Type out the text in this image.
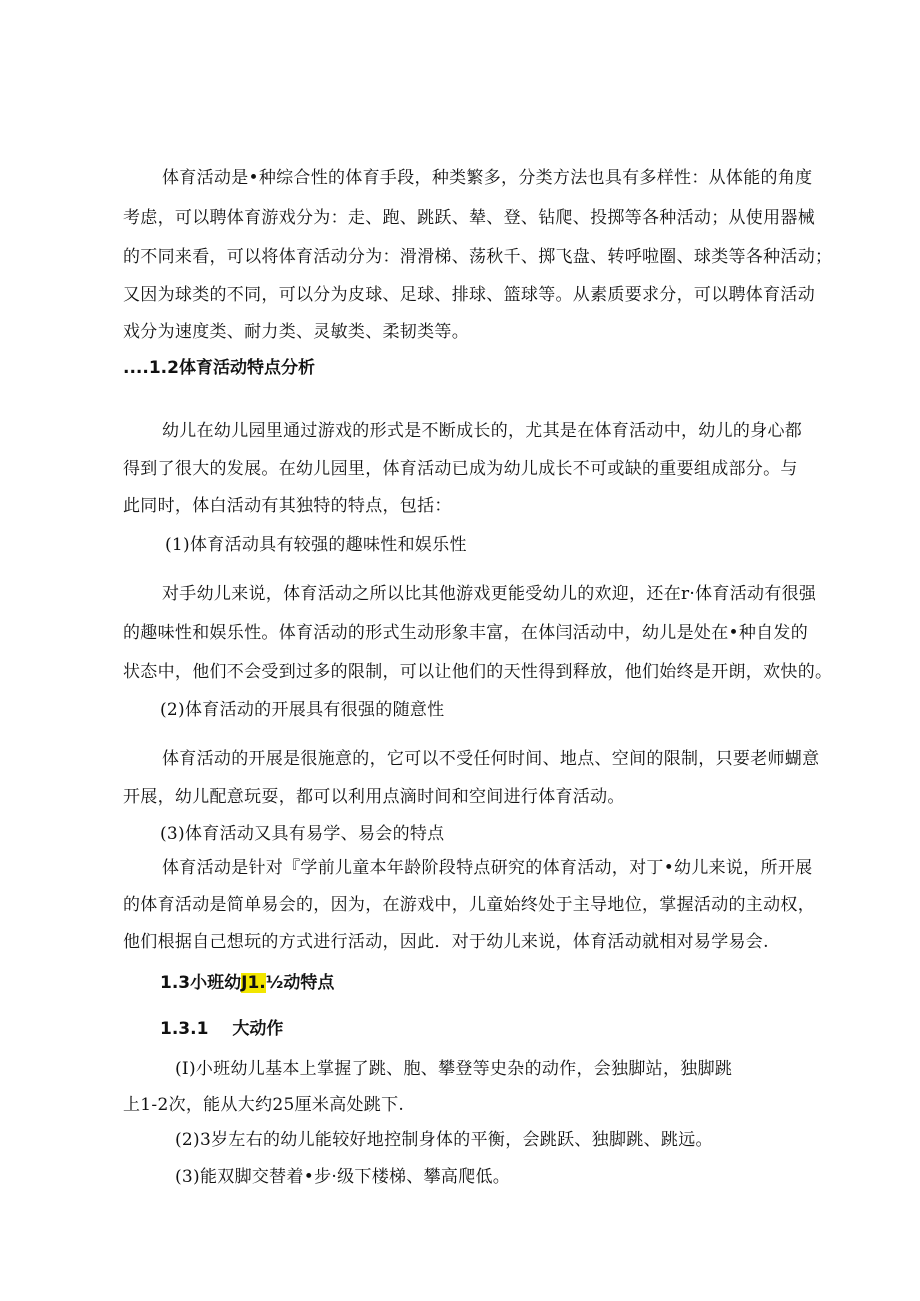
体育活动是•种综合性的体育手段，种类繁多，分类方法也具有多样性：从体能的角度
考虑，可以聘体育游戏分为：走、跑、跳跃、辇、登、钻爬、投掷等各种活动；从使用器械
的不同来看，可以将体育活动分为：滑滑梯、荡秋千、掷飞盘、转呼啦圈、球类等各种活动；
又因为球类的不同，可以分为皮球、足球、排球、篮球等。从素质要求分，可以聘体育活动
戏分为速度类、耐力类、灵敏类、柔韧类等。
....1.2体育活动特点分析
幼儿在幼儿园里通过游戏的形式是不断成长的，尤其是在体育活动中，幼儿的身心都
得到了很大的发展。在幼儿园里，体育活动已成为幼儿成长不可或缺的重要组成部分。与
此同时，体白活动有其独特的特点，包括：
(1)体育活动具有较强的趣味性和娱乐性
对手幼儿来说，体育活动之所以比其他游戏更能受幼儿的欢迎，还在r·体育活动有很强
的趣味性和娱乐性。体育活动的形式生动形象丰富，在体闫活动中，幼儿是处在•种自发的
状态中，他们不会受到过多的限制，可以让他们的天性得到释放，他们始终是开朗，欢快的。
(2)体育活动的开展具有很强的随意性
体育活动的开展是很施意的，它可以不受任何时间、地点、空间的限制，只要老师蝴意
开展，幼儿配意玩耍，都可以利用点滴时间和空间进行体育活动。
(3)体育活动又具有易学、易会的特点
体育活动是针对『学前儿童本年龄阶段特点研究的体育活动，对丁•幼儿来说，所开展
的体育活动是简单易会的，因为，在游戏中，儿童始终处于主导地位，掌握活动的主动权，
他们根据自己想玩的方式进行活动，因此．对于幼儿来说，体育活动就相对易学易会.
1.3小班幼J1.½动特点
1.3.1 大动作
(I)小班幼儿基本上掌握了跳、胞、攀登等史杂的动作，会独脚站，独脚跳
上1-2次，能从大约25厘米高处跳下.
(2)3岁左右的幼儿能较好地控制身体的平衡，会跳跃、独脚跳、跳远。
(3)能双脚交替着•步·级下楼梯、攀高爬低。
